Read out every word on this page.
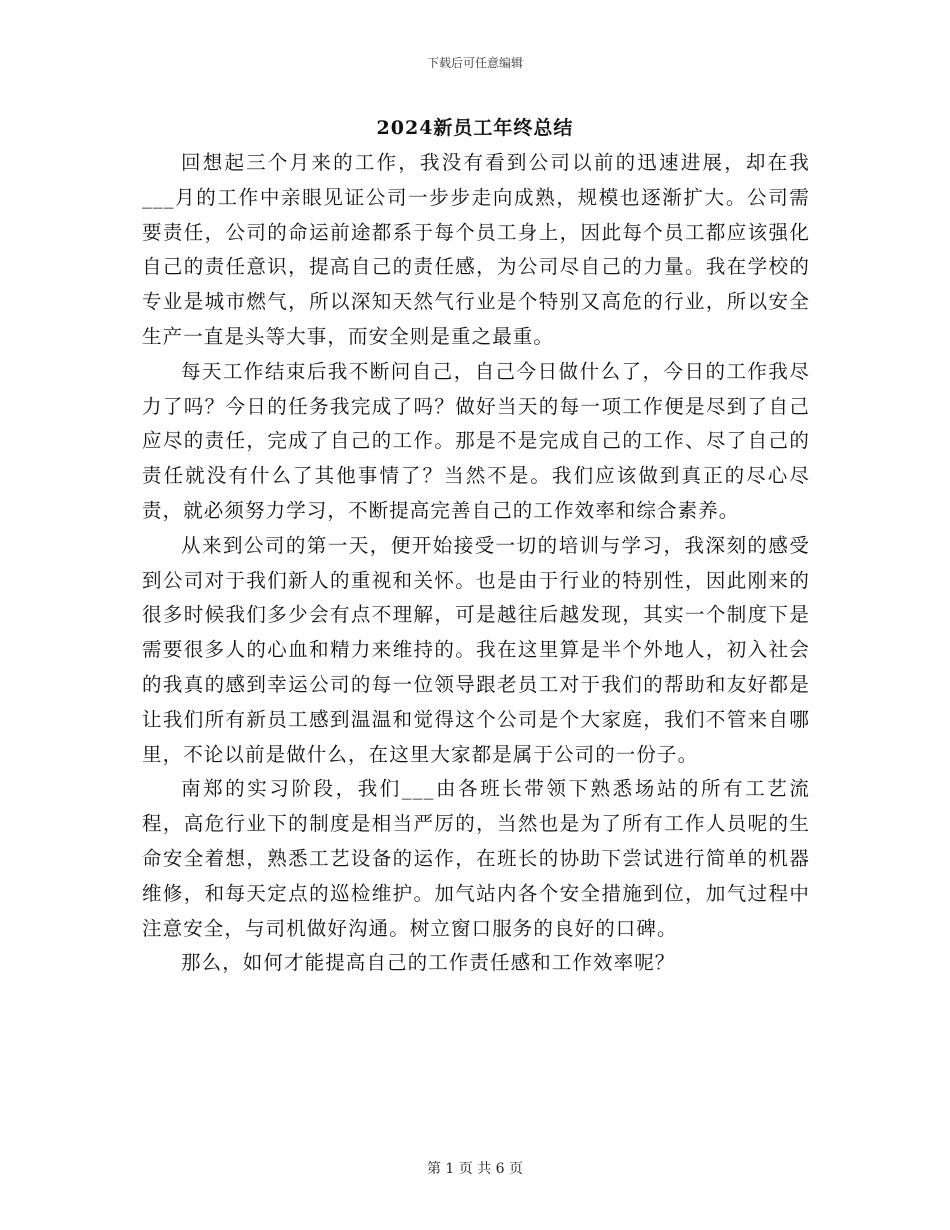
下载后可任意编辑
2024新员工年终总结

回想起三个月来的工作，我没有看到公司以前的迅速进展，却在我___月的工作中亲眼见证公司一步步走向成熟，规模也逐渐扩大。公司需要责任，公司的命运前途都系于每个员工身上，因此每个员工都应该强化自己的责任意识，提高自己的责任感，为公司尽自己的力量。我在学校的专业是城市燃气，所以深知天然气行业是个特别又高危的行业，所以安全生产一直是头等大事，而安全则是重之最重。

每天工作结束后我不断问自己，自己今日做什么了，今日的工作我尽力了吗？今日的任务我完成了吗？做好当天的每一项工作便是尽到了自己应尽的责任，完成了自己的工作。那是不是完成自己的工作、尽了自己的责任就没有什么了其他事情了？当然不是。我们应该做到真正的尽心尽责，就必须努力学习，不断提高完善自己的工作效率和综合素养。

从来到公司的第一天，便开始接受一切的培训与学习，我深刻的感受到公司对于我们新人的重视和关怀。也是由于行业的特别性，因此刚来的很多时候我们多少会有点不理解，可是越往后越发现，其实一个制度下是需要很多人的心血和精力来维持的。我在这里算是半个外地人，初入社会的我真的感到幸运公司的每一位领导跟老员工对于我们的帮助和友好都是让我们所有新员工感到温温和觉得这个公司是个大家庭，我们不管来自哪里，不论以前是做什么，在这里大家都是属于公司的一份子。

南郑的实习阶段，我们___由各班长带领下熟悉场站的所有工艺流程，高危行业下的制度是相当严厉的，当然也是为了所有工作人员呢的生命安全着想，熟悉工艺设备的运作，在班长的协助下尝试进行简单的机器维修，和每天定点的巡检维护。加气站内各个安全措施到位，加气过程中注意安全，与司机做好沟通。树立窗口服务的良好的口碑。

那么，如何才能提高自己的工作责任感和工作效率呢？

第 1 页 共 6 页
